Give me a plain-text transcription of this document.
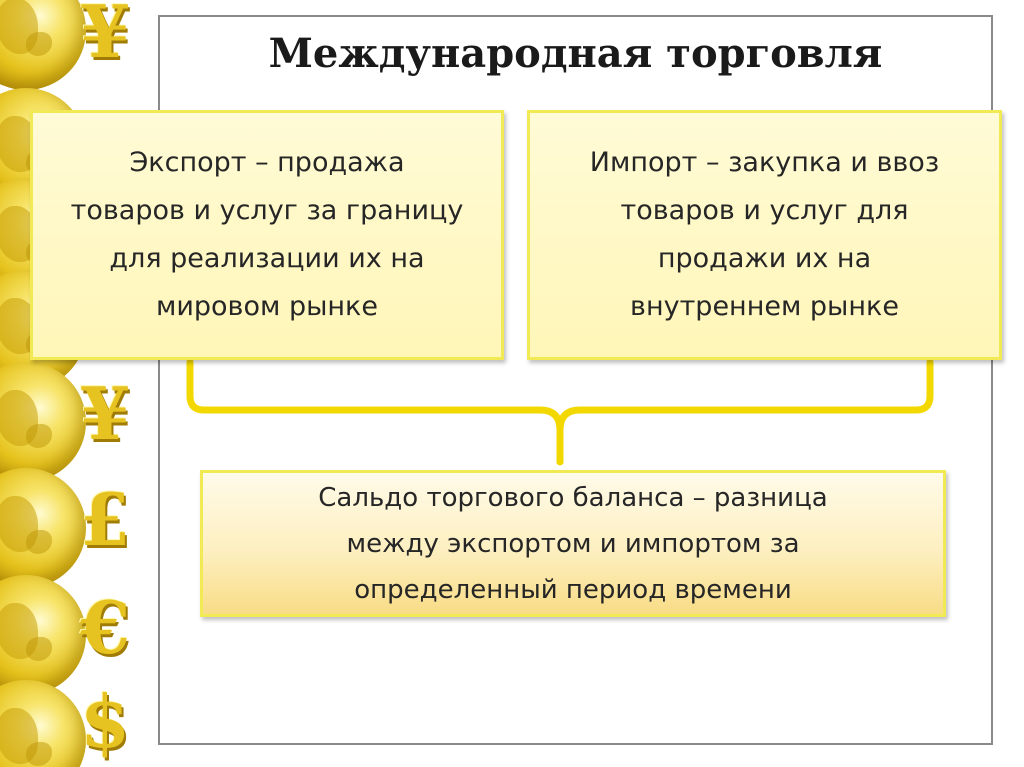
¥
¥
£
€
$
Международная торговля
Экспорт – продажа
товаров и услуг за границу
для реализации их на
мировом рынке
Импорт – закупка и ввоз
товаров и услуг для
продажи их на
внутреннем рынке
Сальдо торгового баланса – разница
между экспортом и импортом за
определенный период времени
